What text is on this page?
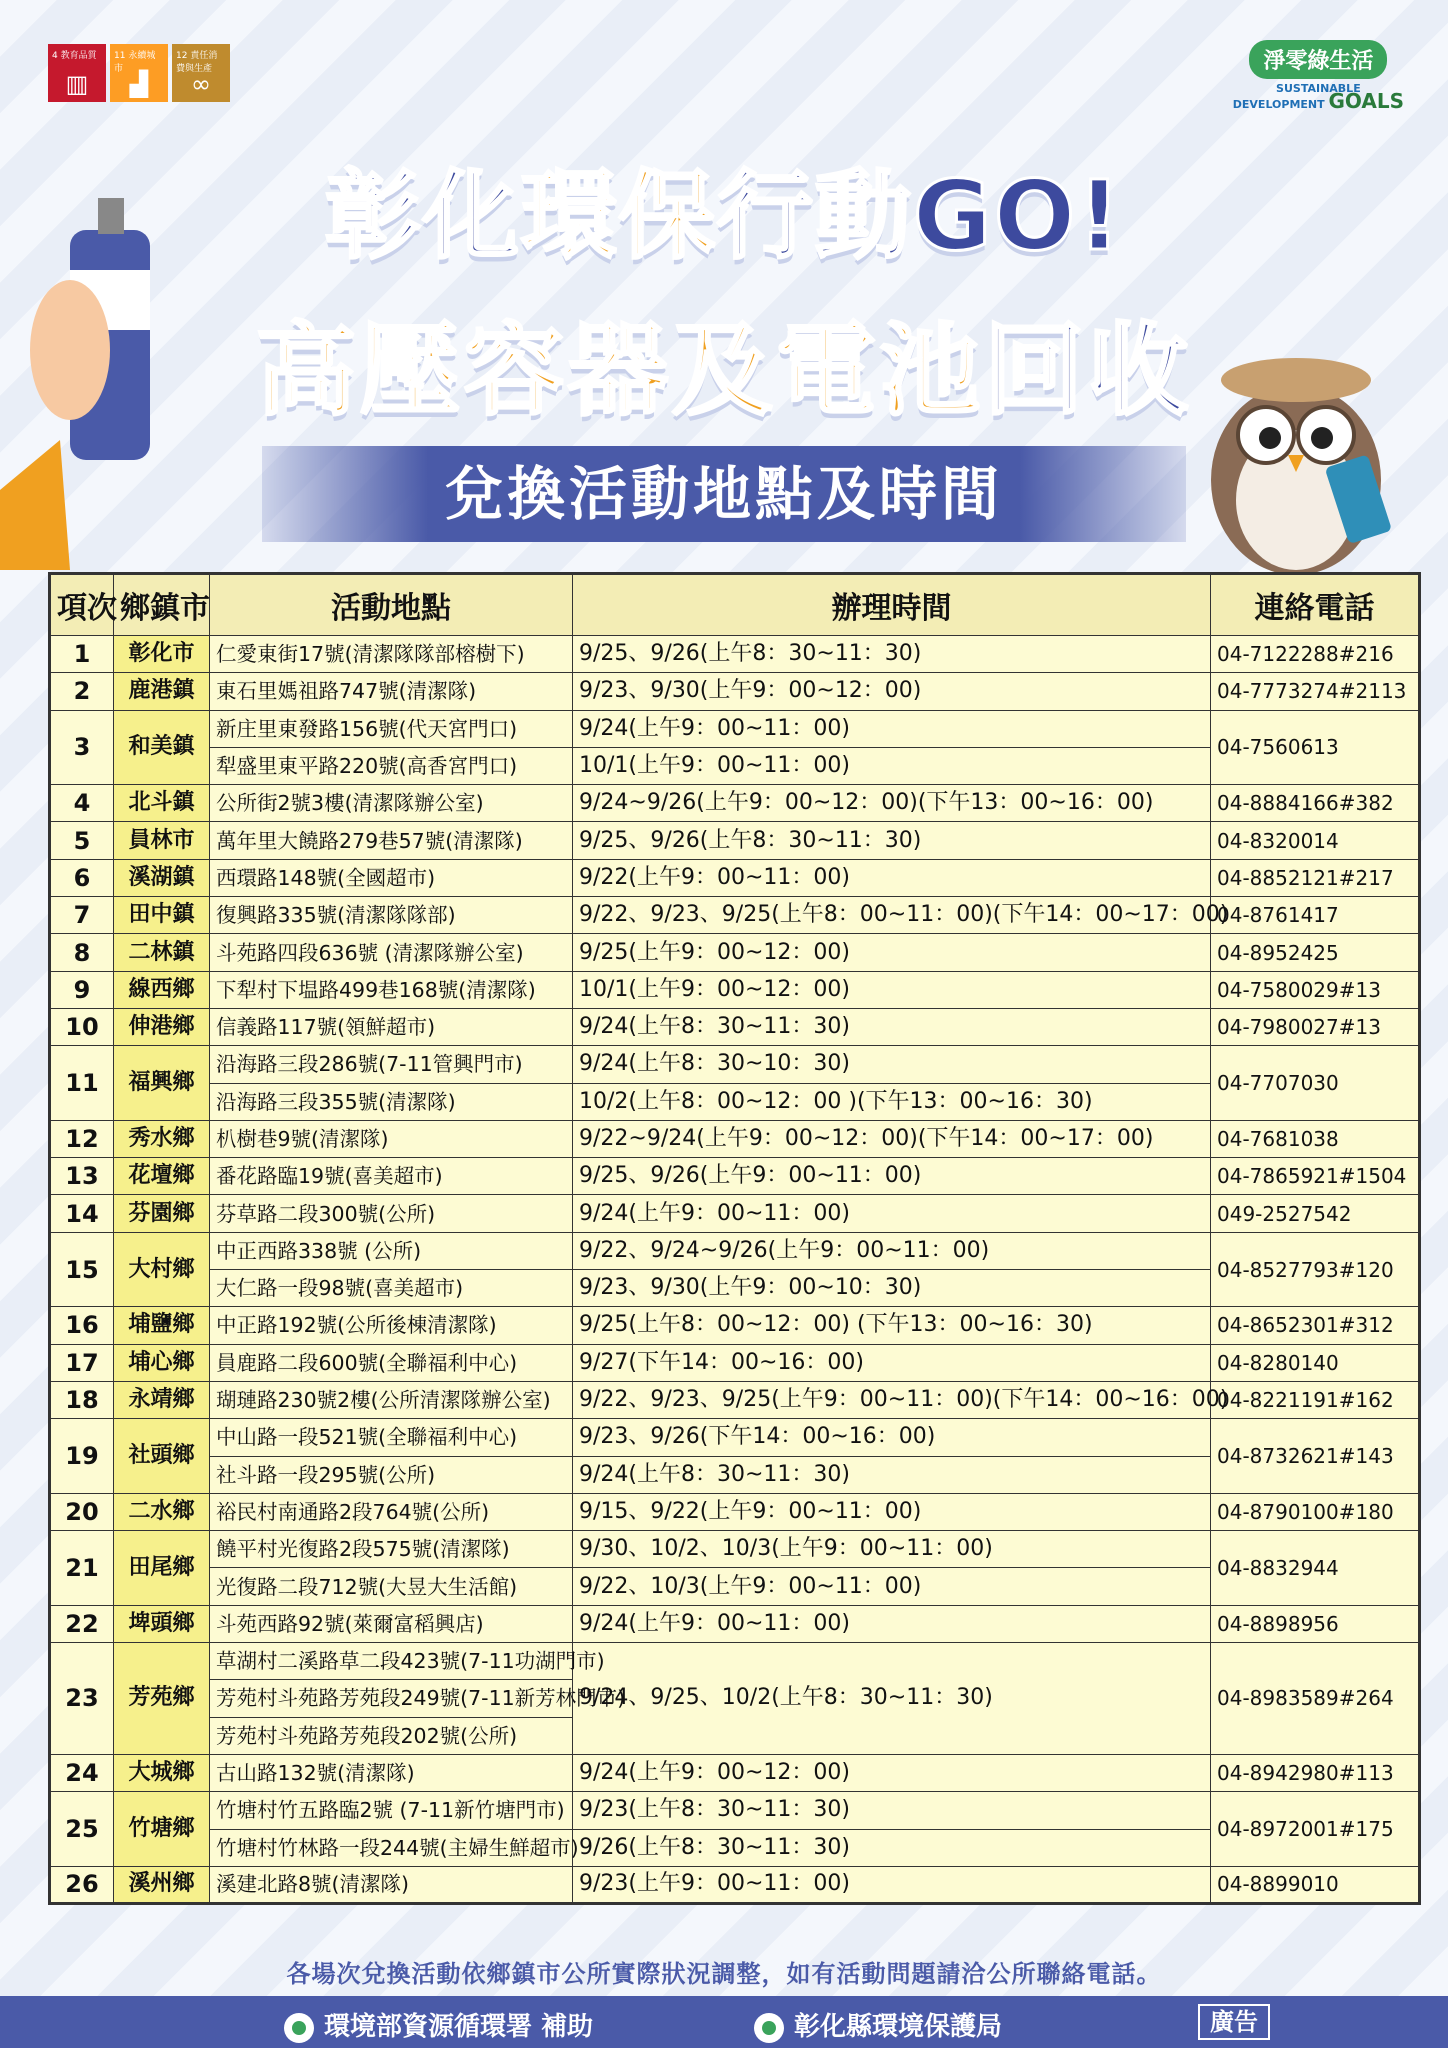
4 教育品質
▥
11 永續城市
▟
12 責任消費與生產
∞
淨零綠生活
SUSTAINABLE
DEVELOPMENT GOALS
彰化環保行動GO!
高壓容器及電池回收
兌換活動地點及時間
項次	鄉鎮市	活動地點	辦理時間	連絡電話
1	彰化市	仁愛東街17號(清潔隊隊部榕樹下)	9/25、9/26(上午8：30~11：30)	04-7122288#216
2	鹿港鎮	東石里媽祖路747號(清潔隊)	9/23、9/30(上午9：00~12：00)	04-7773274#2113
3	和美鎮	新庄里東發路156號(代天宮門口)	9/24(上午9：00~11：00)	04-7560613
		犁盛里東平路220號(高香宮門口)	10/1(上午9：00~11：00)	
4	北斗鎮	公所街2號3樓(清潔隊辦公室)	9/24~9/26(上午9：00~12：00)(下午13：00~16：00)	04-8884166#382
5	員林市	萬年里大饒路279巷57號(清潔隊)	9/25、9/26(上午8：30~11：30)	04-8320014
6	溪湖鎮	西環路148號(全國超市)	9/22(上午9：00~11：00)	04-8852121#217
7	田中鎮	復興路335號(清潔隊隊部)	9/22、9/23、9/25(上午8：00~11：00)(下午14：00~17：00)	04-8761417
8	二林鎮	斗苑路四段636號 (清潔隊辦公室)	9/25(上午9：00~12：00)	04-8952425
9	線西鄉	下犁村下塭路499巷168號(清潔隊)	10/1(上午9：00~12：00)	04-7580029#13
10	伸港鄉	信義路117號(領鮮超市)	9/24(上午8：30~11：30)	04-7980027#13
11	福興鄉	沿海路三段286號(7-11管興門市)	9/24(上午8：30~10：30)	04-7707030
		沿海路三段355號(清潔隊)	10/2(上午8：00~12：00 )(下午13：00~16：30)	
12	秀水鄉	朳樹巷9號(清潔隊)	9/22~9/24(上午9：00~12：00)(下午14：00~17：00)	04-7681038
13	花壇鄉	番花路臨19號(喜美超市)	9/25、9/26(上午9：00~11：00)	04-7865921#1504
14	芬園鄉	芬草路二段300號(公所)	9/24(上午9：00~11：00)	049-2527542
15	大村鄉	中正西路338號 (公所)	9/22、9/24~9/26(上午9：00~11：00)	04-8527793#120
		大仁路一段98號(喜美超市)	9/23、9/30(上午9：00~10：30)	
16	埔鹽鄉	中正路192號(公所後棟清潔隊)	9/25(上午8：00~12：00) (下午13：00~16：30)	04-8652301#312
17	埔心鄉	員鹿路二段600號(全聯福利中心)	9/27(下午14：00~16：00)	04-8280140
18	永靖鄉	瑚璉路230號2樓(公所清潔隊辦公室)	9/22、9/23、9/25(上午9：00~11：00)(下午14：00~16：00)	04-8221191#162
19	社頭鄉	中山路一段521號(全聯福利中心)	9/23、9/26(下午14：00~16：00)	04-8732621#143
		社斗路一段295號(公所)	9/24(上午8：30~11：30)	
20	二水鄉	裕民村南通路2段764號(公所)	9/15、9/22(上午9：00~11：00)	04-8790100#180
21	田尾鄉	饒平村光復路2段575號(清潔隊)	9/30、10/2、10/3(上午9：00~11：00)	04-8832944
		光復路二段712號(大昱大生活館)	9/22、10/3(上午9：00~11：00)	
22	埤頭鄉	斗苑西路92號(萊爾富稻興店)	9/24(上午9：00~11：00)	04-8898956
23	芳苑鄉	草湖村二溪路草二段423號(7-11功湖門市)	9/24、9/25、10/2(上午8：30~11：30)	04-8983589#264
		芳苑村斗苑路芳苑段249號(7-11新芳林門市)		
		芳苑村斗苑路芳苑段202號(公所)		
24	大城鄉	古山路132號(清潔隊)	9/24(上午9：00~12：00)	04-8942980#113
25	竹塘鄉	竹塘村竹五路臨2號 (7-11新竹塘門市)	9/23(上午8：30~11：30)	04-8972001#175
		竹塘村竹林路一段244號(主婦生鮮超市)	9/26(上午8：30~11：30)	
26	溪州鄉	溪建北路8號(清潔隊)	9/23(上午9：00~11：00)	04-8899010
各場次兌換活動依鄉鎮市公所實際狀況調整，如有活動問題請洽公所聯絡電話。
環境部資源循環署 補助	彰化縣環境保護局	廣告
